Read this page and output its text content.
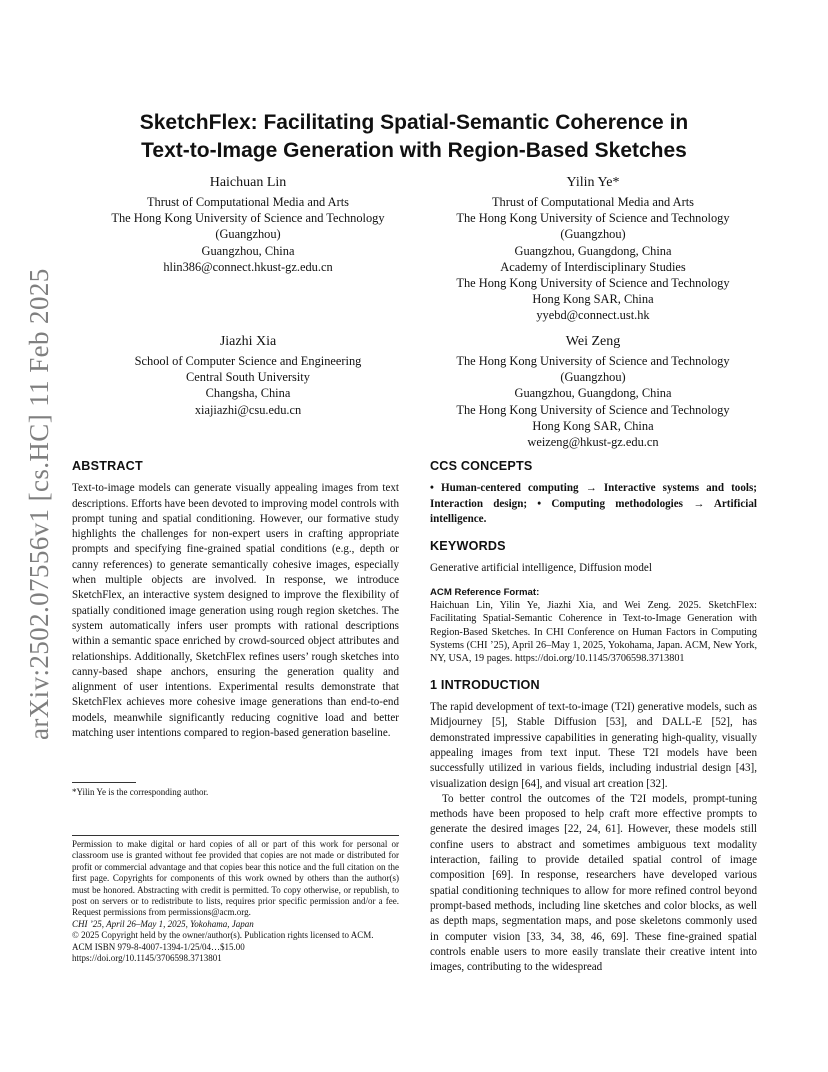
arXiv:2502.07556v1 [cs.HC] 11 Feb 2025
SketchFlex: Facilitating Spatial-Semantic Coherence in
Text-to-Image Generation with Region-Based Sketches
Haichuan Lin
Thrust of Computational Media and Arts
The Hong Kong University of Science and Technology
(Guangzhou)
Guangzhou, China
hlin386@connect.hkust-gz.edu.cn
Yilin Ye*
Thrust of Computational Media and Arts
The Hong Kong University of Science and Technology
(Guangzhou)
Guangzhou, Guangdong, China
Academy of Interdisciplinary Studies
The Hong Kong University of Science and Technology
Hong Kong SAR, China
yyebd@connect.ust.hk
Jiazhi Xia
School of Computer Science and Engineering
Central South University
Changsha, China
xiajiazhi@csu.edu.cn
Wei Zeng
The Hong Kong University of Science and Technology
(Guangzhou)
Guangzhou, Guangdong, China
The Hong Kong University of Science and Technology
Hong Kong SAR, China
weizeng@hkust-gz.edu.cn
ABSTRACT

Text-to-image models can generate visually appealing images from text descriptions. Efforts have been devoted to improving model controls with prompt tuning and spatial conditioning. However, our formative study highlights the challenges for non-expert users in crafting appropriate prompts and specifying fine-grained spatial conditions (e.g., depth or canny references) to generate semantically cohesive images, especially when multiple objects are involved. In response, we introduce SketchFlex, an interactive system designed to improve the flexibility of spatially conditioned image generation using rough region sketches. The system automatically infers user prompts with rational descriptions within a semantic space enriched by crowd-sourced object attributes and relationships. Additionally, SketchFlex refines users’ rough sketches into canny-based shape anchors, ensuring the generation quality and alignment of user intentions. Experimental results demonstrate that SketchFlex achieves more cohesive image generations than end-to-end models, meanwhile significantly reducing cognitive load and better matching user intentions compared to region-based generation baseline.

*Yilin Ye is the corresponding author.

Permission to make digital or hard copies of all or part of this work for personal or classroom use is granted without fee provided that copies are not made or distributed for profit or commercial advantage and that copies bear this notice and the full citation on the first page. Copyrights for components of this work owned by others than the author(s) must be honored. Abstracting with credit is permitted. To copy otherwise, or republish, to post on servers or to redistribute to lists, requires prior specific permission and/or a fee. Request permissions from permissions@acm.org.

CHI ’25, April 26–May 1, 2025, Yokohama, Japan

© 2025 Copyright held by the owner/author(s). Publication rights licensed to ACM.

ACM ISBN 979-8-4007-1394-1/25/04…$15.00

https://doi.org/10.1145/3706598.3713801

CCS CONCEPTS

• Human-centered computing → Interactive systems and tools; Interaction design; • Computing methodologies → Artificial intelligence.

KEYWORDS

Generative artificial intelligence, Diffusion model

ACM Reference Format:

Haichuan Lin, Yilin Ye, Jiazhi Xia, and Wei Zeng. 2025. SketchFlex: Facilitating Spatial-Semantic Coherence in Text-to-Image Generation with Region-Based Sketches. In CHI Conference on Human Factors in Computing Systems (CHI ’25), April 26–May 1, 2025, Yokohama, Japan. ACM, New York, NY, USA, 19 pages. https://doi.org/10.1145/3706598.3713801

1 INTRODUCTION

The rapid development of text-to-image (T2I) generative models, such as Midjourney [5], Stable Diffusion [53], and DALL-E [52], has demonstrated impressive capabilities in generating high-quality, visually appealing images from text input. These T2I models have been successfully utilized in various fields, including industrial design [43], visualization design [64], and visual art creation [32].

To better control the outcomes of the T2I models, prompt-tuning methods have been proposed to help craft more effective prompts to generate the desired images [22, 24, 61]. However, these models still confine users to abstract and sometimes ambiguous text modality interaction, failing to provide detailed spatial control of image composition [69]. In response, researchers have developed various spatial conditioning techniques to allow for more refined control beyond prompt-based methods, including line sketches and color blocks, as well as depth maps, segmentation maps, and pose skeletons commonly used in computer vision [33, 34, 38, 46, 69]. These fine-grained spatial controls enable users to more easily translate their creative intent into images, contributing to the widespread
